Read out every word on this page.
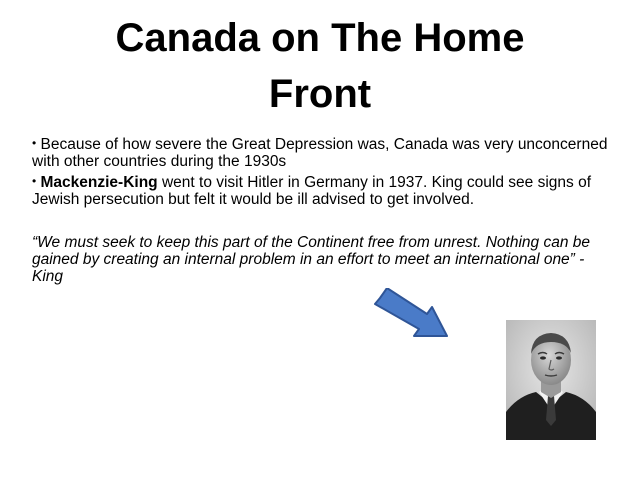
Canada on The Home
Front

• Because of how severe the Great Depression was, Canada was very unconcerned with other countries during the 1930s

• Mackenzie-King went to visit Hitler in Germany in 1937. King could see signs of Jewish persecution but felt it would be ill advised to get involved.

“We must seek to keep this part of the Continent free from unrest. Nothing can be gained by creating an internal problem in an effort to meet an international one” - King
